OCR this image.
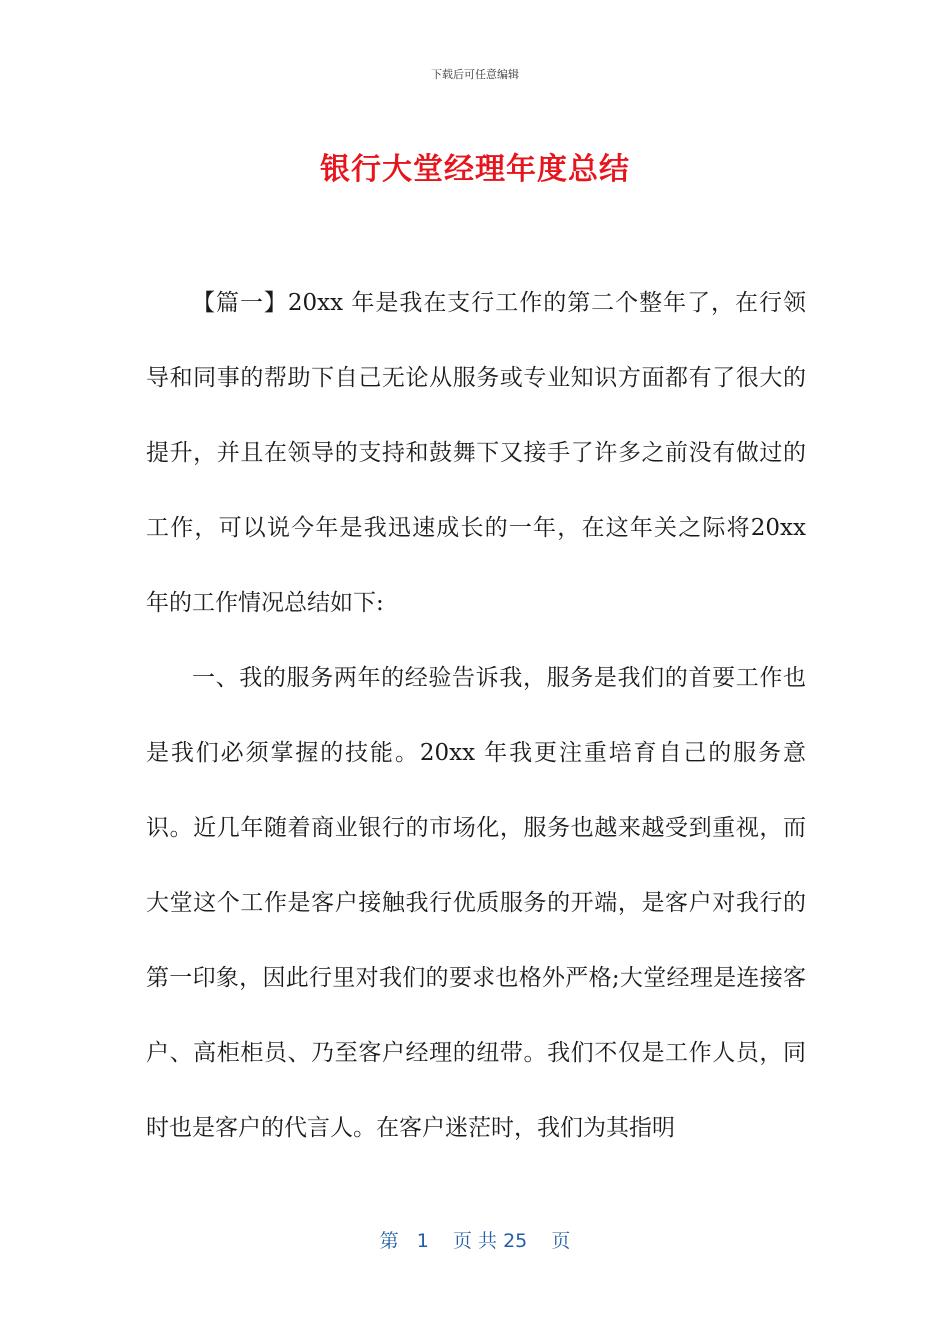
下载后可任意编辑
银行大堂经理年度总结

【篇一】20xx 年是我在支行工作的第二个整年了，在行领导和同事的帮助下自己无论从服务或专业知识方面都有了很大的提升，并且在领导的支持和鼓舞下又接手了许多之前没有做过的工作，可以说今年是我迅速成长的一年，在这年关之际将20xx 年的工作情况总结如下:

一、我的服务两年的经验告诉我，服务是我们的首要工作也是我们必须掌握的技能。20xx 年我更注重培育自己的服务意识。近几年随着商业银行的市场化，服务也越来越受到重视，而大堂这个工作是客户接触我行优质服务的开端，是客户对我行的第一印象，因此行里对我们的要求也格外严格;大堂经理是连接客户、高柜柜员、乃至客户经理的纽带。我们不仅是工作人员，同时也是客户的代言人。在客户迷茫时，我们为其指明

第 1 页 共 25 页
